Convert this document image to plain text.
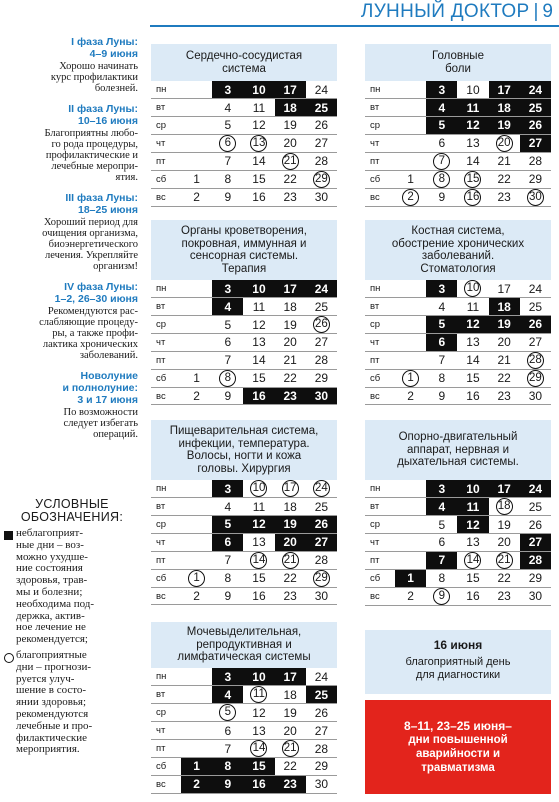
ЛУННЫЙ ДОКТОР | 9
I фаза Луны:
4–9 июня
Хорошо начинать
курс профилактики
болезней.
II фаза Луны:
10–16 июня
Благоприятны любо-
го рода процедуры,
профилактические и
лечебные меропри-
ятия.
III фаза Луны:
18–25 июня
Хороший период для
очищения организма,
биоэнергетического
лечения. Укрепляйте
организм!
IV фаза Луны:
1–2, 26–30 июня
Рекомендуются рас-
слабляющие процеду-
ры, а также профи-
лактика хронических
заболеваний.
Новолуние
и полнолуние:
3 и 17 июня
По возможности
следует избегать
операций.
УСЛОВНЫЕ
ОБОЗНАЧЕНИЯ:
неблагоприят-
ные дни – воз-
можно ухудше-
ние состояния
здоровья, трав-
мы и болезни;
необходима под-
держка, актив-
ное лечение не
рекомендуется;
благоприятные
дни – прогнози-
руется улуч-
шение в состо-
янии здоровья;
рекомендуются
лечебные и про-
филактические
мероприятия.
Сердечно-сосудистая
система
пн		3	10	17	24
вт		4	11	18	25
ср		5	12	19	26
чт		6	13	20	27
пт		7	14	21	28
сб	1	8	15	22	29
вс	2	9	16	23	30
Головные
боли
пн		3	10	17	24
вт		4	11	18	25
ср		5	12	19	26
чт		6	13	20	27
пт		7	14	21	28
сб	1	8	15	22	29
вс	2	9	16	23	30
Органы кроветворения,
покровная, иммунная и
сенсорная системы.
Терапия
пн		3	10	17	24
вт		4	11	18	25
ср		5	12	19	26
чт		6	13	20	27
пт		7	14	21	28
сб	1	8	15	22	29
вс	2	9	16	23	30
Костная система,
обострение хронических
заболеваний.
Стоматология
пн		3	10	17	24
вт		4	11	18	25
ср		5	12	19	26
чт		6	13	20	27
пт		7	14	21	28
сб	1	8	15	22	29
вс	2	9	16	23	30
Пищеварительная система,
инфекции, температура.
Волосы, ногти и кожа
головы. Хирургия
пн		3	10	17	24
вт		4	11	18	25
ср		5	12	19	26
чт		6	13	20	27
пт		7	14	21	28
сб	1	8	15	22	29
вс	2	9	16	23	30
Опорно-двигательный
аппарат, нервная и
дыхательная системы.
пн		3	10	17	24
вт		4	11	18	25
ср		5	12	19	26
чт		6	13	20	27
пт		7	14	21	28
сб	1	8	15	22	29
вс	2	9	16	23	30
Мочевыделительная,
репродуктивная и
лимфатическая системы
пн		3	10	17	24
вт		4	11	18	25
ср		5	12	19	26
чт		6	13	20	27
пт		7	14	21	28
сб	1	8	15	22	29
вс	2	9	16	23	30
16 июня
благоприятный день
для диагностики
8–11, 23–25 июня–
дни повышенной
аварийности и
травматизма
